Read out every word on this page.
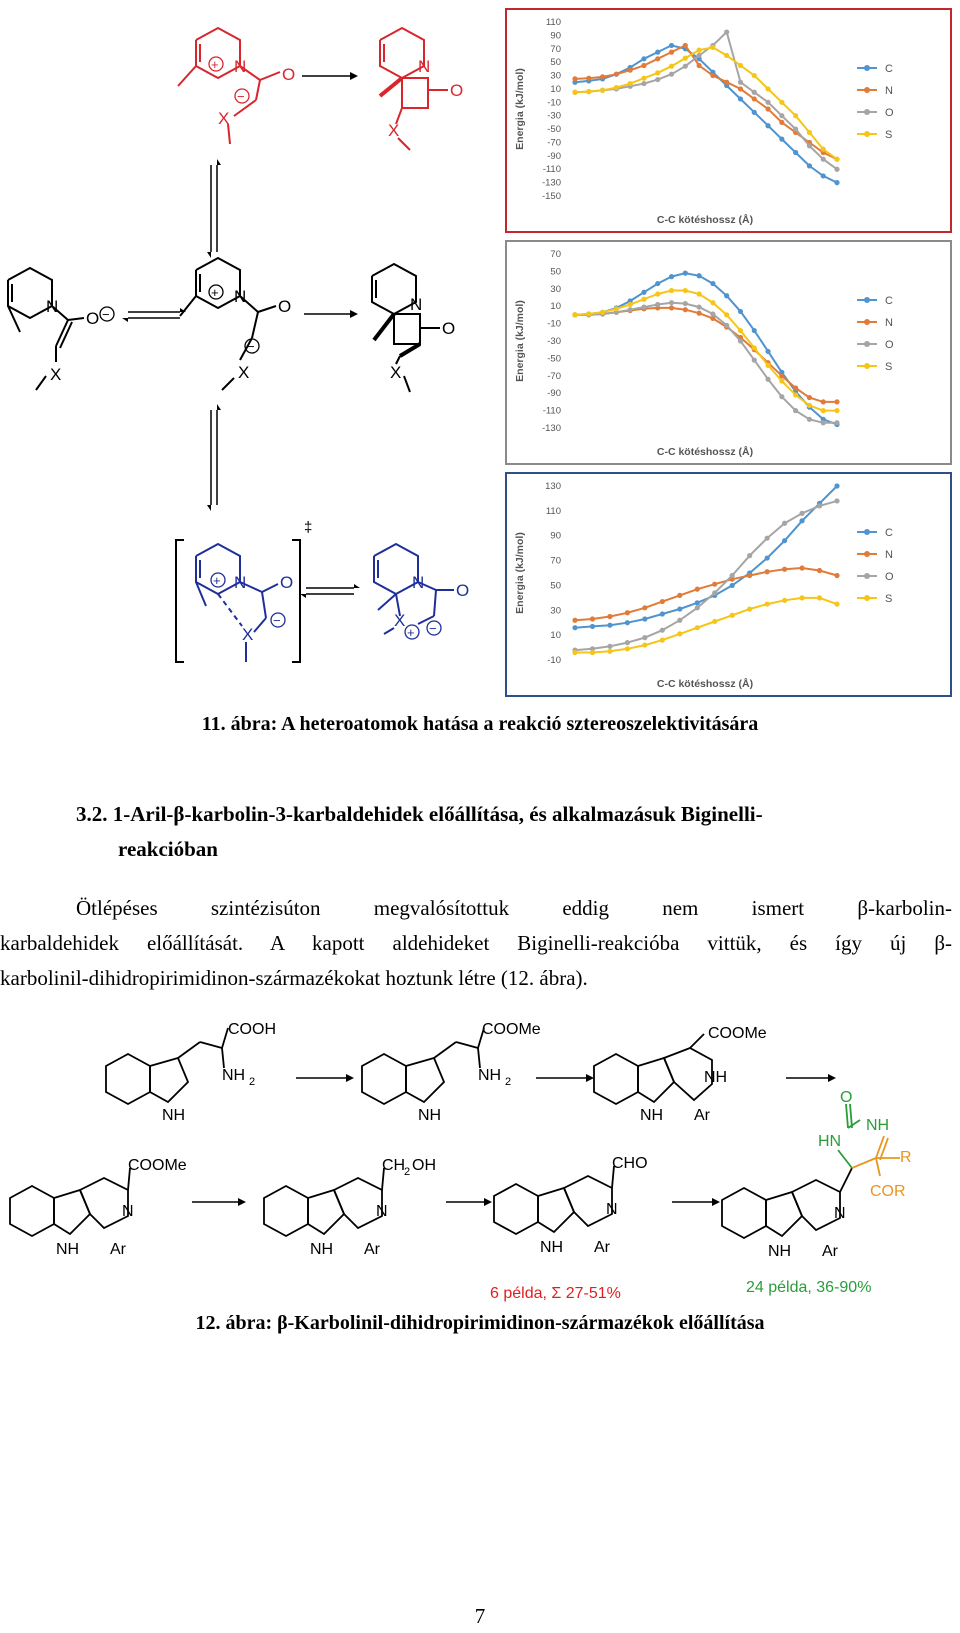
N O
X
+
−
N
O
X
N
O
X
−
+ N
O
−
X
N
O
X
‡
+ N O
X
−
N O
X
+ −
110
90
70
50
30
10
-10
-30
-50
-70
-90
-110
-130
-150
Energia (kJ/mol)
C-C kötéshossz (Å)
C
N
O
S
70
50
30
10
-10
-30
-50
-70
-90
-110
-130
Energia (kJ/mol)
C-C kötéshossz (Å)
C
N
O
S
130
110
90
70
50
30
10
-10
Energia (kJ/mol)
C-C kötéshossz (Å)
C
N
O
S
11. ábra: A heteroatomok hatása a reakció sztereoszelektivitására
3.2. 1-Aril-β-karbolin-3-karbaldehidek előállítása, és alkalmazásuk Biginelli-
reakcióban
Ötlépéses szintézisúton megvalósítottuk eddig nem ismert β-karbolin-
karbaldehidek előállítását. A kapott aldehideket Biginelli-reakcióba vittük, és így új β-
karbolinil-dihidropirimidinon-származékokat hoztunk létre (12. ábra).
COOH
NH 2
NH
COOMe
NH 2
NH
COOMe
NH
NH Ar
COOMe
N
NH Ar
CH
2 OH
N
NH Ar
CHO
N
NH Ar
N
NH Ar
O
HN
NH
R
COR
6 példa, Σ 27-51%	24 példa, 36-90%
12. ábra: β-Karbolinil-dihidropirimidinon-származékok előállítása
7
